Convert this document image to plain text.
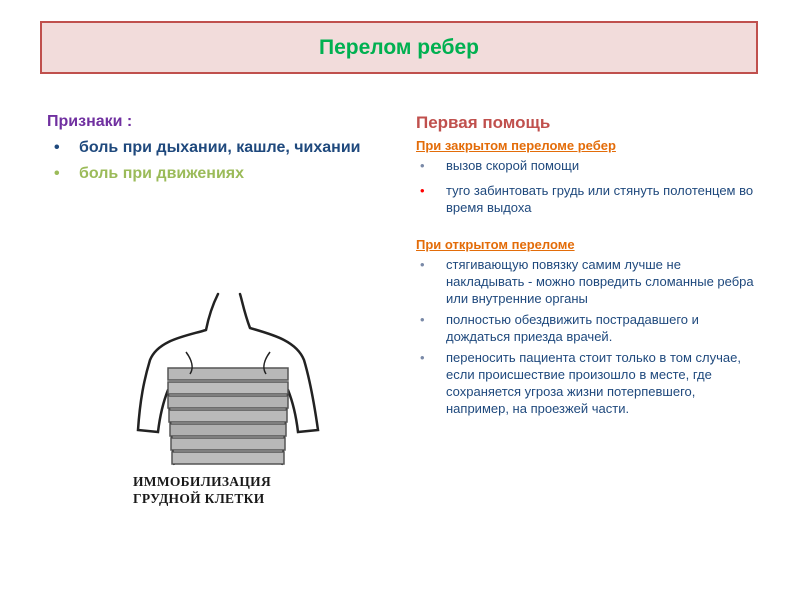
Перелом ребер
Признаки :
• боль при дыхании, кашле, чихании
• боль при движениях
ИММОБИЛИЗАЦИЯ
ГРУДНОЙ КЛЕТКИ
Первая помощь
При закрытом переломе ребер
• вызов скорой помощи
• туго забинтовать грудь или стянуть полотенцем во время выдоха
При открытом переломе
• стягивающую повязку самим лучше не накладывать - можно повредить сломанные ребра или внутренние органы
• полностью обездвижить пострадавшего и дождаться приезда врачей.
• переносить пациента стоит только в том случае, если происшествие произошло в месте, где сохраняется угроза жизни потерпевшего, например, на проезжей части.
